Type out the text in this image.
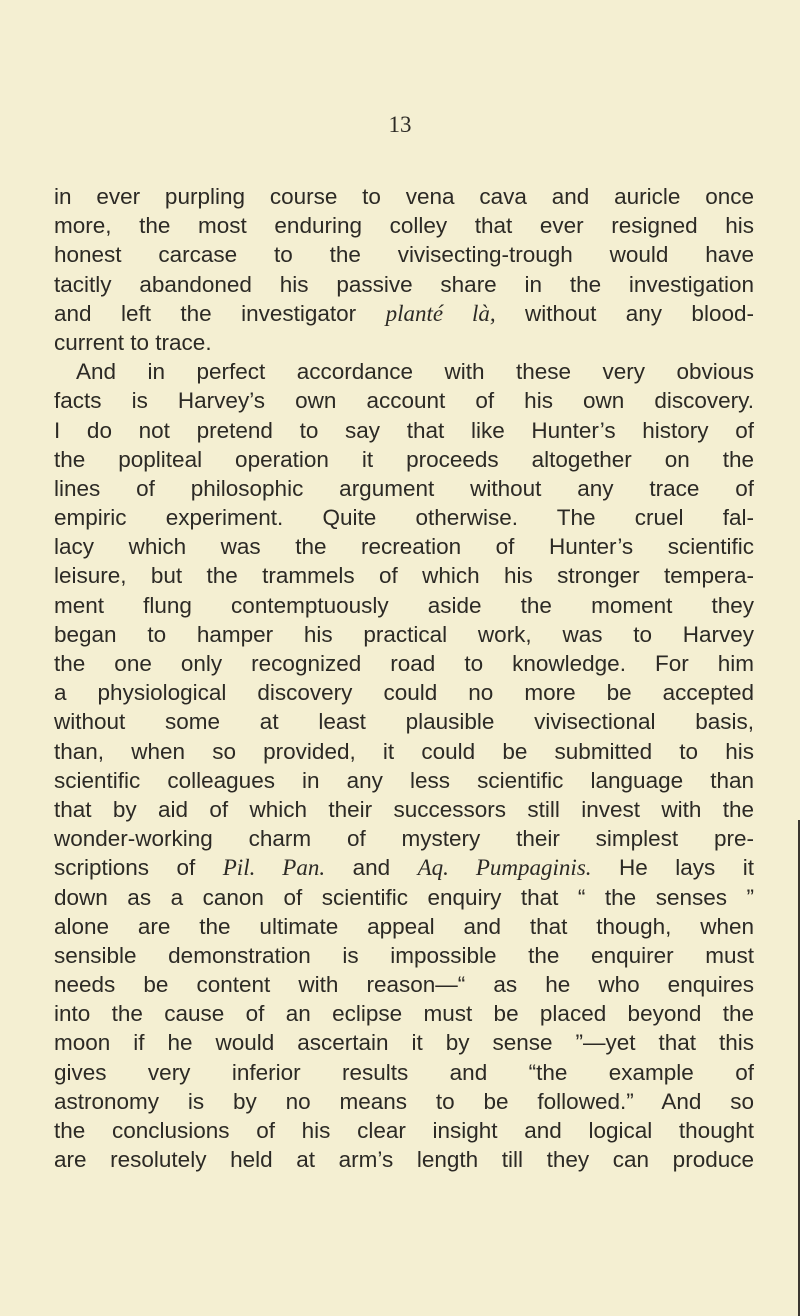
13
in ever purpling course to vena cava and auricle once
more, the most enduring colley that ever resigned his
honest carcase to the vivisecting-trough would have
tacitly abandoned his passive share in the investigation
and left the investigator planté là, without any blood-
current to trace.
And in perfect accordance with these very obvious
facts is Harvey’s own account of his own discovery.
I do not pretend to say that like Hunter’s history of
the popliteal operation it proceeds altogether on the
lines of philosophic argument without any trace of
empiric experiment. Quite otherwise. The cruel fal-
lacy which was the recreation of Hunter’s scientific
leisure, but the trammels of which his stronger tempera-
ment flung contemptuously aside the moment they
began to hamper his practical work, was to Harvey
the one only recognized road to knowledge. For him
a physiological discovery could no more be accepted
without some at least plausible vivisectional basis,
than, when so provided, it could be submitted to his
scientific colleagues in any less scientific language than
that by aid of which their successors still invest with the
wonder-working charm of mystery their simplest pre-
scriptions of Pil. Pan. and Aq. Pumpaginis. He lays it
down as a canon of scientific enquiry that “ the senses ”
alone are the ultimate appeal and that though, when
sensible demonstration is impossible the enquirer must
needs be content with reason—“ as he who enquires
into the cause of an eclipse must be placed beyond the
moon if he would ascertain it by sense ”—yet that this
gives very inferior results and “the example of
astronomy is by no means to be followed.” And so
the conclusions of his clear insight and logical thought
are resolutely held at arm’s length till they can produce
